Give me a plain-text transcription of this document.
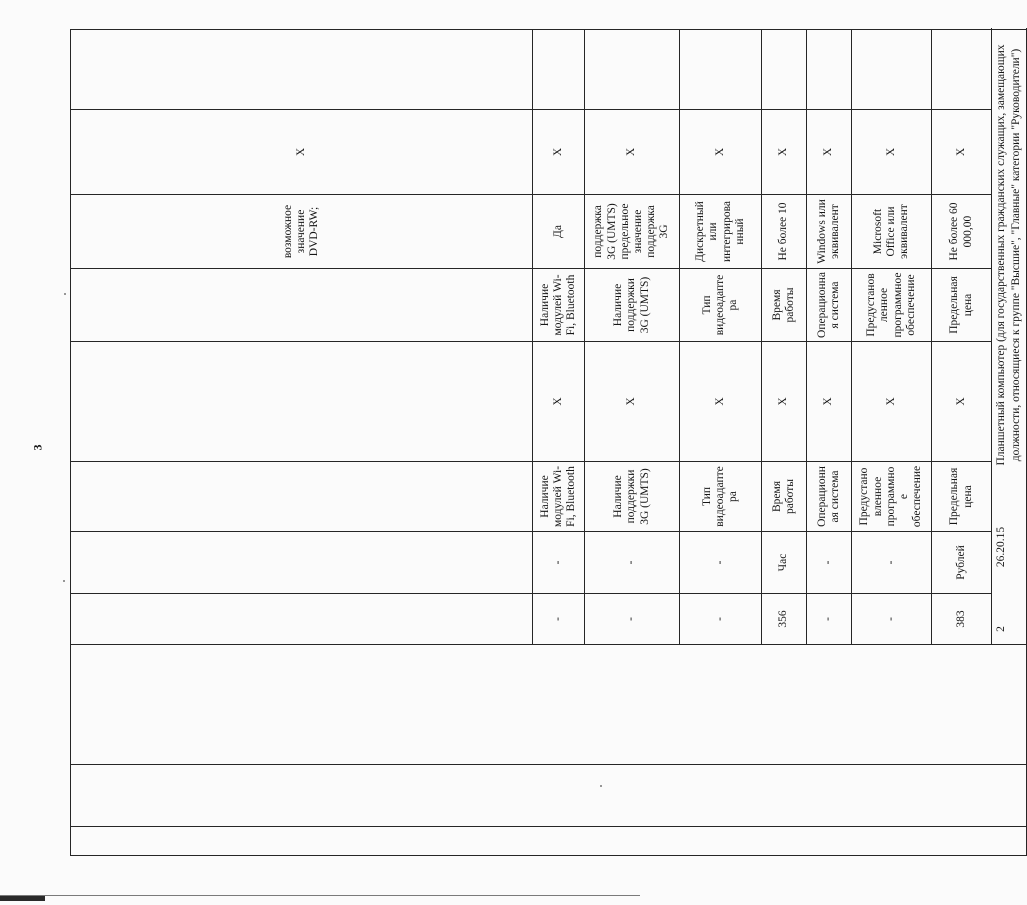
3
								возможное значение DVD-RW;	X	
			-	-	Наличие модулей Wi-Fi, Bluetooth	X	Наличие модулей Wi-Fi, Bluetooth	Да	X	
			-	-	Наличие поддержки 3G (UMTS)	X	Наличие поддержки 3G (UMTS)	поддержка 3G (UMTS) предельное значение поддержка 3G	X	
			-	-	Тип видеоадаптера	X	Тип видеоадаптера	Дискретный или интегрированный	X	
			356	Час	Время работы	X	Время работы	Не более 10	X	
			-	-	Операционная система	X	Операционная система	Windows или эквивалент	X	
			-	-	Предустановленное программное обеспечение	X	Предустановленное программное обеспечение	Microsoft Office или эквивалент	X	
			383	Рублей	Предельная цена	X	Предельная цена	Не более 60 000,00	X	

			2
26.20.15
Планшетный компьютер (для государственных гражданских служащих, замещающих должности, относящиеся к группе "Высшие", "Главные" категории "Руководители")							
